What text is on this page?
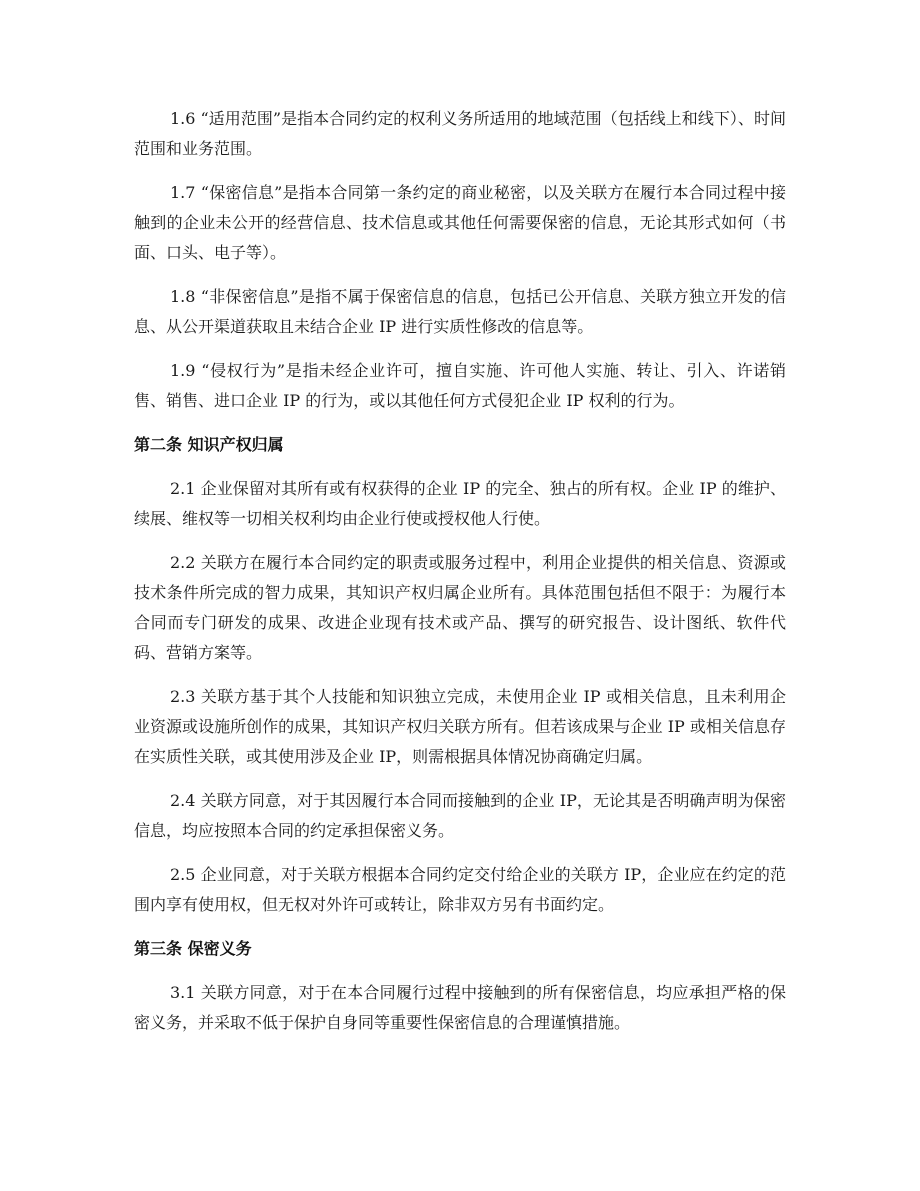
1.6 “适用范围”是指本合同约定的权利义务所适用的地域范围（包括线上和线下）、时间范围和业务范围。

1.7 “保密信息”是指本合同第一条约定的商业秘密，以及关联方在履行本合同过程中接触到的企业未公开的经营信息、技术信息或其他任何需要保密的信息，无论其形式如何（书面、口头、电子等）。

1.8 “非保密信息”是指不属于保密信息的信息，包括已公开信息、关联方独立开发的信息、从公开渠道获取且未结合企业 IP 进行实质性修改的信息等。

1.9 “侵权行为”是指未经企业许可，擅自实施、许可他人实施、转让、引入、许诺销售、销售、进口企业 IP 的行为，或以其他任何方式侵犯企业 IP 权利的行为。

第二条 知识产权归属

2.1 企业保留对其所有或有权获得的企业 IP 的完全、独占的所有权。企业 IP 的维护、续展、维权等一切相关权利均由企业行使或授权他人行使。

2.2 关联方在履行本合同约定的职责或服务过程中，利用企业提供的相关信息、资源或技术条件所完成的智力成果，其知识产权归属企业所有。具体范围包括但不限于：为履行本合同而专门研发的成果、改进企业现有技术或产品、撰写的研究报告、设计图纸、软件代码、营销方案等。

2.3 关联方基于其个人技能和知识独立完成，未使用企业 IP 或相关信息，且未利用企业资源或设施所创作的成果，其知识产权归关联方所有。但若该成果与企业 IP 或相关信息存在实质性关联，或其使用涉及企业 IP，则需根据具体情况协商确定归属。

2.4 关联方同意，对于其因履行本合同而接触到的企业 IP，无论其是否明确声明为保密信息，均应按照本合同的约定承担保密义务。

2.5 企业同意，对于关联方根据本合同约定交付给企业的关联方 IP，企业应在约定的范围内享有使用权，但无权对外许可或转让，除非双方另有书面约定。

第三条 保密义务

3.1 关联方同意，对于在本合同履行过程中接触到的所有保密信息，均应承担严格的保密义务，并采取不低于保护自身同等重要性保密信息的合理谨慎措施。
